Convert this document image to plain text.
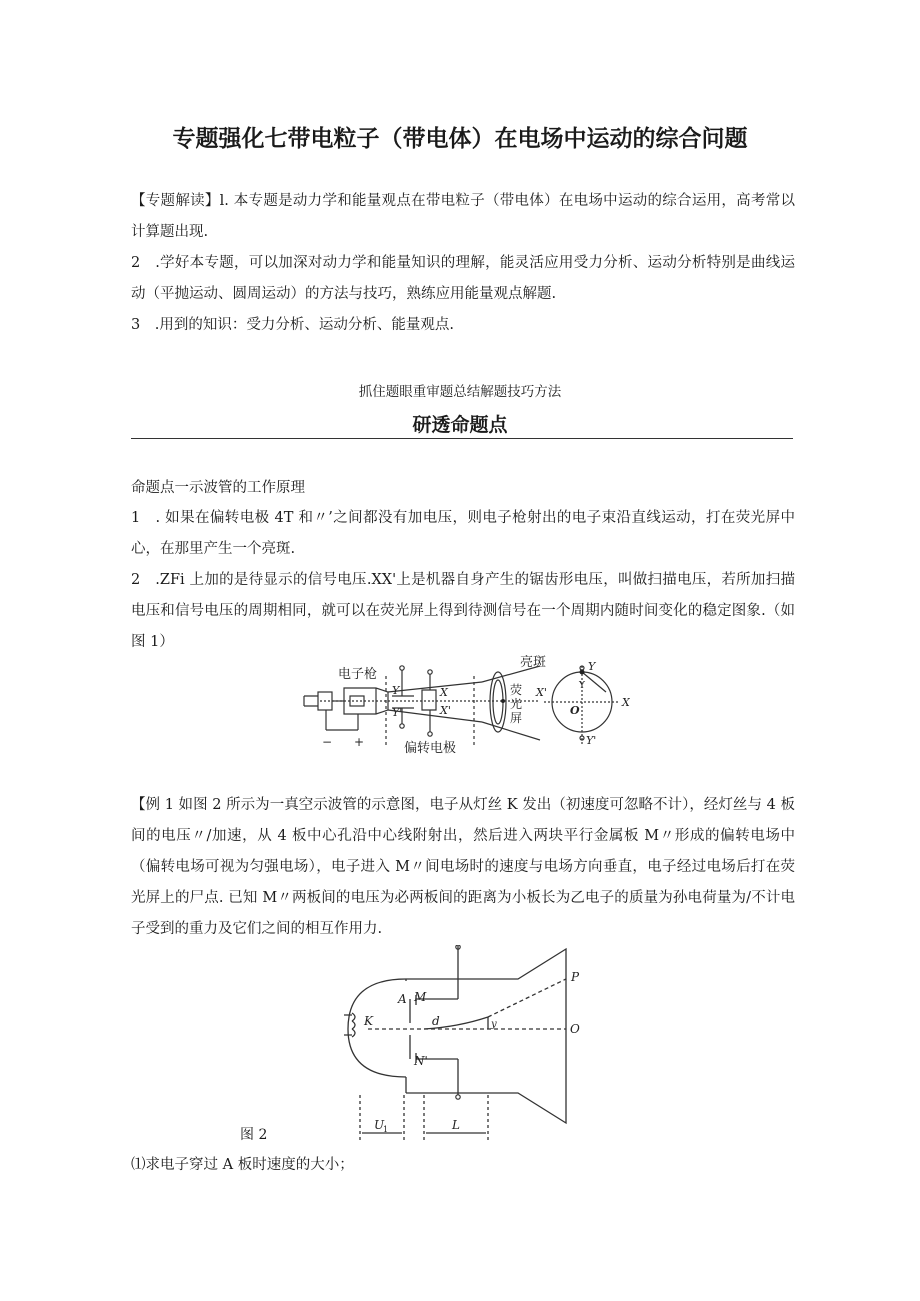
专题强化七带电粒子（带电体）在电场中运动的综合问题
【专题解读】l. 本专题是动力学和能量观点在带电粒子（带电体）在电场中运动的综合运用，高考常以计算题出现.
2　.学好本专题，可以加深对动力学和能量知识的理解，能灵活应用受力分析、运动分析特别是曲线运动（平抛运动、圆周运动）的方法与技巧，熟练应用能量观点解题.
3　.用到的知识：受力分析、运动分析、能量观点.
抓住题眼重审题总结解题技巧方法
研透命题点
命题点一示波管的工作原理
1　. 如果在偏转电极 4T 和〃’之间都没有加电压，则电子枪射出的电子束沿直线运动，打在荧光屏中心，在那里产生一个亮斑.
2　.ZFi 上加的是待显示的信号电压.XX'上是机器自身产生的锯齿形电压，叫做扫描电压，若所加扫描电压和信号电压的周期相同，就可以在荧光屏上得到待测信号在一个周期内随时间变化的稳定图象.（如图 1）
电子枪
亮斑
荧
光
屏
偏转电极
− +
Y
Y'
X
X'
Y
Y'
X
X'
O
Y
【例 1 如图 2 所示为一真空示波管的示意图，电子从灯丝 K 发出（初速度可忽略不计），经灯丝与 4 板间的电压〃/加速，从 4 板中心孔沿中心线附射出，然后进入两块平行金属板 M〃形成的偏转电场中（偏转电场可视为匀强电场），电子进入 M〃间电场时的速度与电场方向垂直，电子经过电场后打在荧光屏上的尸点. 已知 M〃两板间的电压为必两板间的距离为小板长为乙电子的质量为孙电荷量为/不计电子受到的重力及它们之间的相互作用力.
K
A M
N'
d	y
P
O
U
1	L
图 2
⑴求电子穿过 A 板时速度的大小；
